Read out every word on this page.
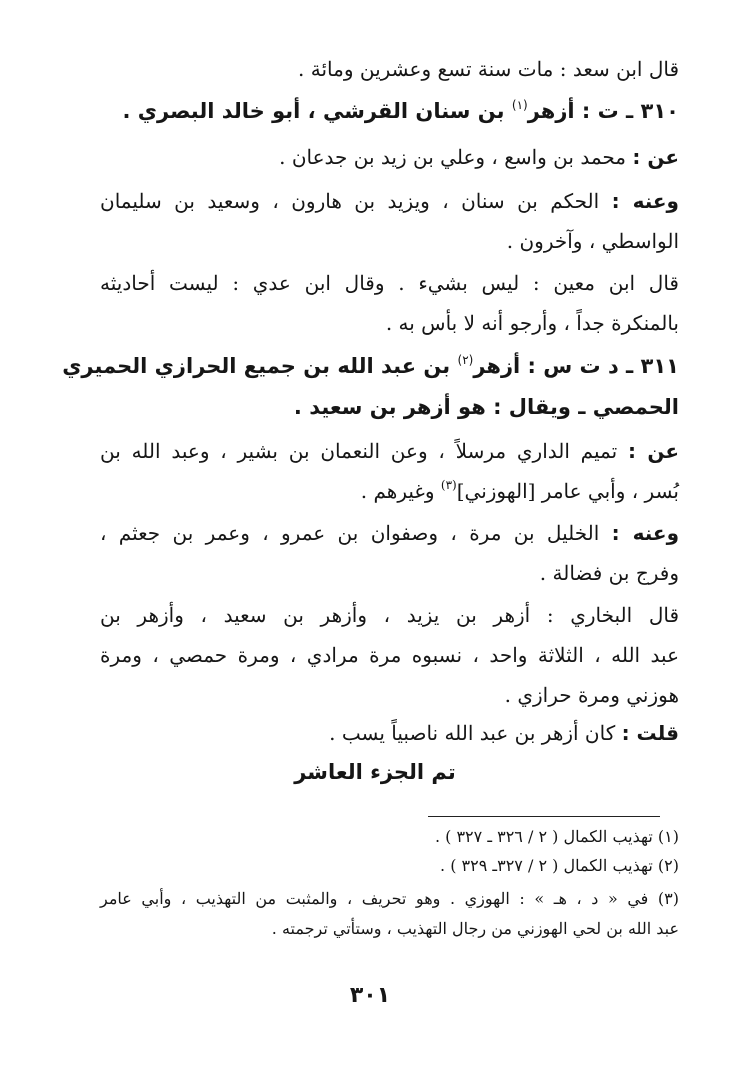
قال ابن سعد : مات سنة تسع وعشرين ومائة .
٣١٠ ـ ت : أزهر$^{(١)}$ بن سنان القرشي ، أبو خالد البصري .
عن : محمد بن واسع ، وعلي بن زيد بن جدعان .
وعنه : الحكم بن سنان ، ويزيد بن هارون ، وسعيد بن سليمان
الواسطي ، وآخرون .
قال ابن معين : ليس بشيء . وقال ابن عدي : ليست أحاديثه
بالمنكرة جداً ، وأرجو أنه لا بأس به .
٣١١ ـ د ت س : أزهر$^{(٢)}$ بن عبد الله بن جميع الحرازي الحميري
الحمصي ـ ويقال : هو أزهر بن سعيد .
عن : تميم الداري مرسلاً ، وعن النعمان بن بشير ، وعبد الله بن
بُسر ، وأبي عامر [الهوزني]$^{(٣)}$ وغيرهم .
وعنه : الخليل بن مرة ، وصفوان بن عمرو ، وعمر بن جعثم ،
وفرج بن فضالة .
قال البخاري : أزهر بن يزيد ، وأزهر بن سعيد ، وأزهر بن
عبد الله ، الثلاثة واحد ، نسبوه مرة مرادي ، ومرة حمصي ، ومرة
هوزني ومرة حرازي .
قلت : كان أزهر بن عبد الله ناصبياً يسب .
تم الجزء العاشر
(١) تهذيب الكمال ( ٢ / ٣٢٦ ـ ٣٢٧ ) .
(٢) تهذيب الكمال ( ٢ / ٣٢٧ـ ٣٢٩ ) .
(٣) في « د ، هـ » : الهوزي . وهو تحريف ، والمثبت من التهذيب ، وأبي عامر
عبد الله بن لحي الهوزني من رجال التهذيب ، وستأتي ترجمته .
٣٠١
